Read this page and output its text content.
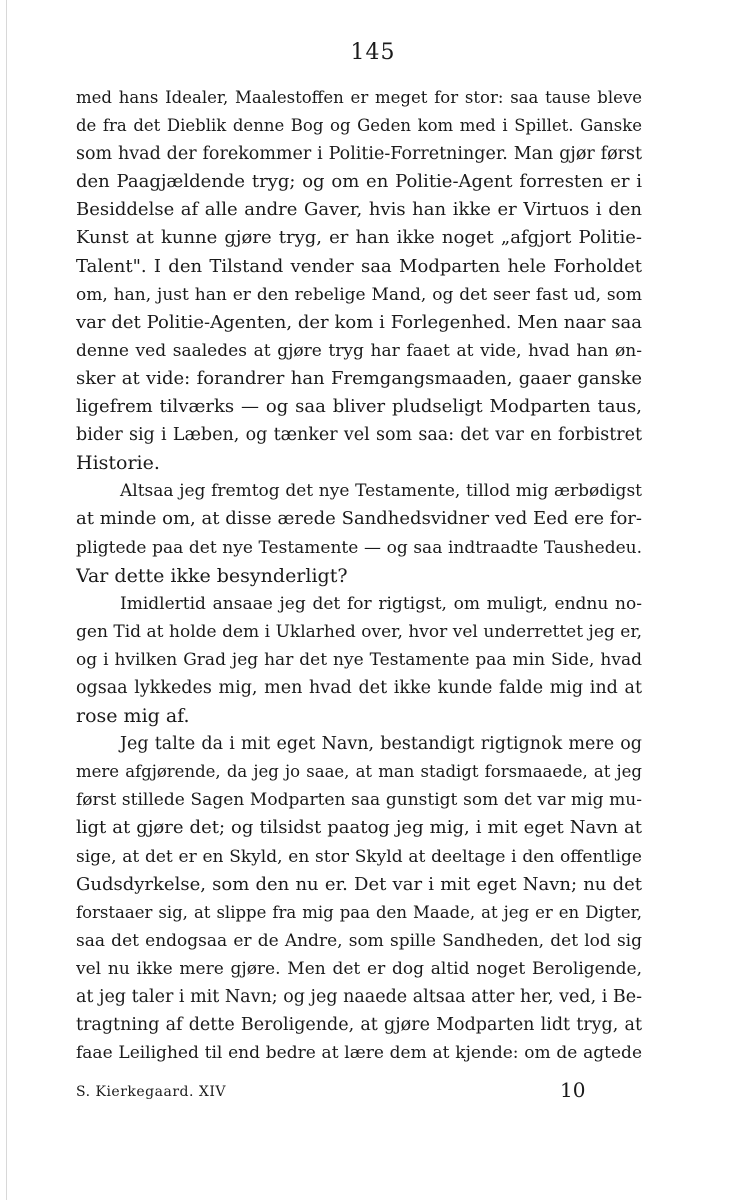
145
med hans Idealer, Maalestoffen er meget for stor: saa tause bleve
de fra det Dieblik denne Bog og Geden kom med i Spillet. Ganske
som hvad der forekommer i Politie-Forretninger. Man gjør først
den Paagjældende tryg; og om en Politie-Agent forresten er i
Besiddelse af alle andre Gaver, hvis han ikke er Virtuos i den
Kunst at kunne gjøre tryg, er han ikke noget „afgjort Politie-
Talent". I den Tilstand vender saa Modparten hele Forholdet
om, han, just han er den rebelige Mand, og det seer fast ud, som
var det Politie-Agenten, der kom i Forlegenhed. Men naar saa
denne ved saaledes at gjøre tryg har faaet at vide, hvad han øn-
sker at vide: forandrer han Fremgangsmaaden, gaaer ganske
ligefrem tilværks — og saa bliver pludseligt Modparten taus,
bider sig i Læben, og tænker vel som saa: det var en forbistret
Historie.
Altsaa jeg fremtog det nye Testamente, tillod mig ærbødigst
at minde om, at disse ærede Sandhedsvidner ved Eed ere for-
pligtede paa det nye Testamente — og saa indtraadte Taushedeu.
Var dette ikke besynderligt?
Imidlertid ansaae jeg det for rigtigst, om muligt, endnu no-
gen Tid at holde dem i Uklarhed over, hvor vel underrettet jeg er,
og i hvilken Grad jeg har det nye Testamente paa min Side, hvad
ogsaa lykkedes mig, men hvad det ikke kunde falde mig ind at
rose mig af.
Jeg talte da i mit eget Navn, bestandigt rigtignok mere og
mere afgjørende, da jeg jo saae, at man stadigt forsmaaede, at jeg
først stillede Sagen Modparten saa gunstigt som det var mig mu-
ligt at gjøre det; og tilsidst paatog jeg mig, i mit eget Navn at
sige, at det er en Skyld, en stor Skyld at deeltage i den offentlige
Gudsdyrkelse, som den nu er. Det var i mit eget Navn; nu det
forstaaer sig, at slippe fra mig paa den Maade, at jeg er en Digter,
saa det endogsaa er de Andre, som spille Sandheden, det lod sig
vel nu ikke mere gjøre. Men det er dog altid noget Beroligende,
at jeg taler i mit Navn; og jeg naaede altsaa atter her, ved, i Be-
tragtning af dette Beroligende, at gjøre Modparten lidt tryg, at
faae Leilighed til end bedre at lære dem at kjende: om de agtede
S. Kierkegaard. XIV	10
